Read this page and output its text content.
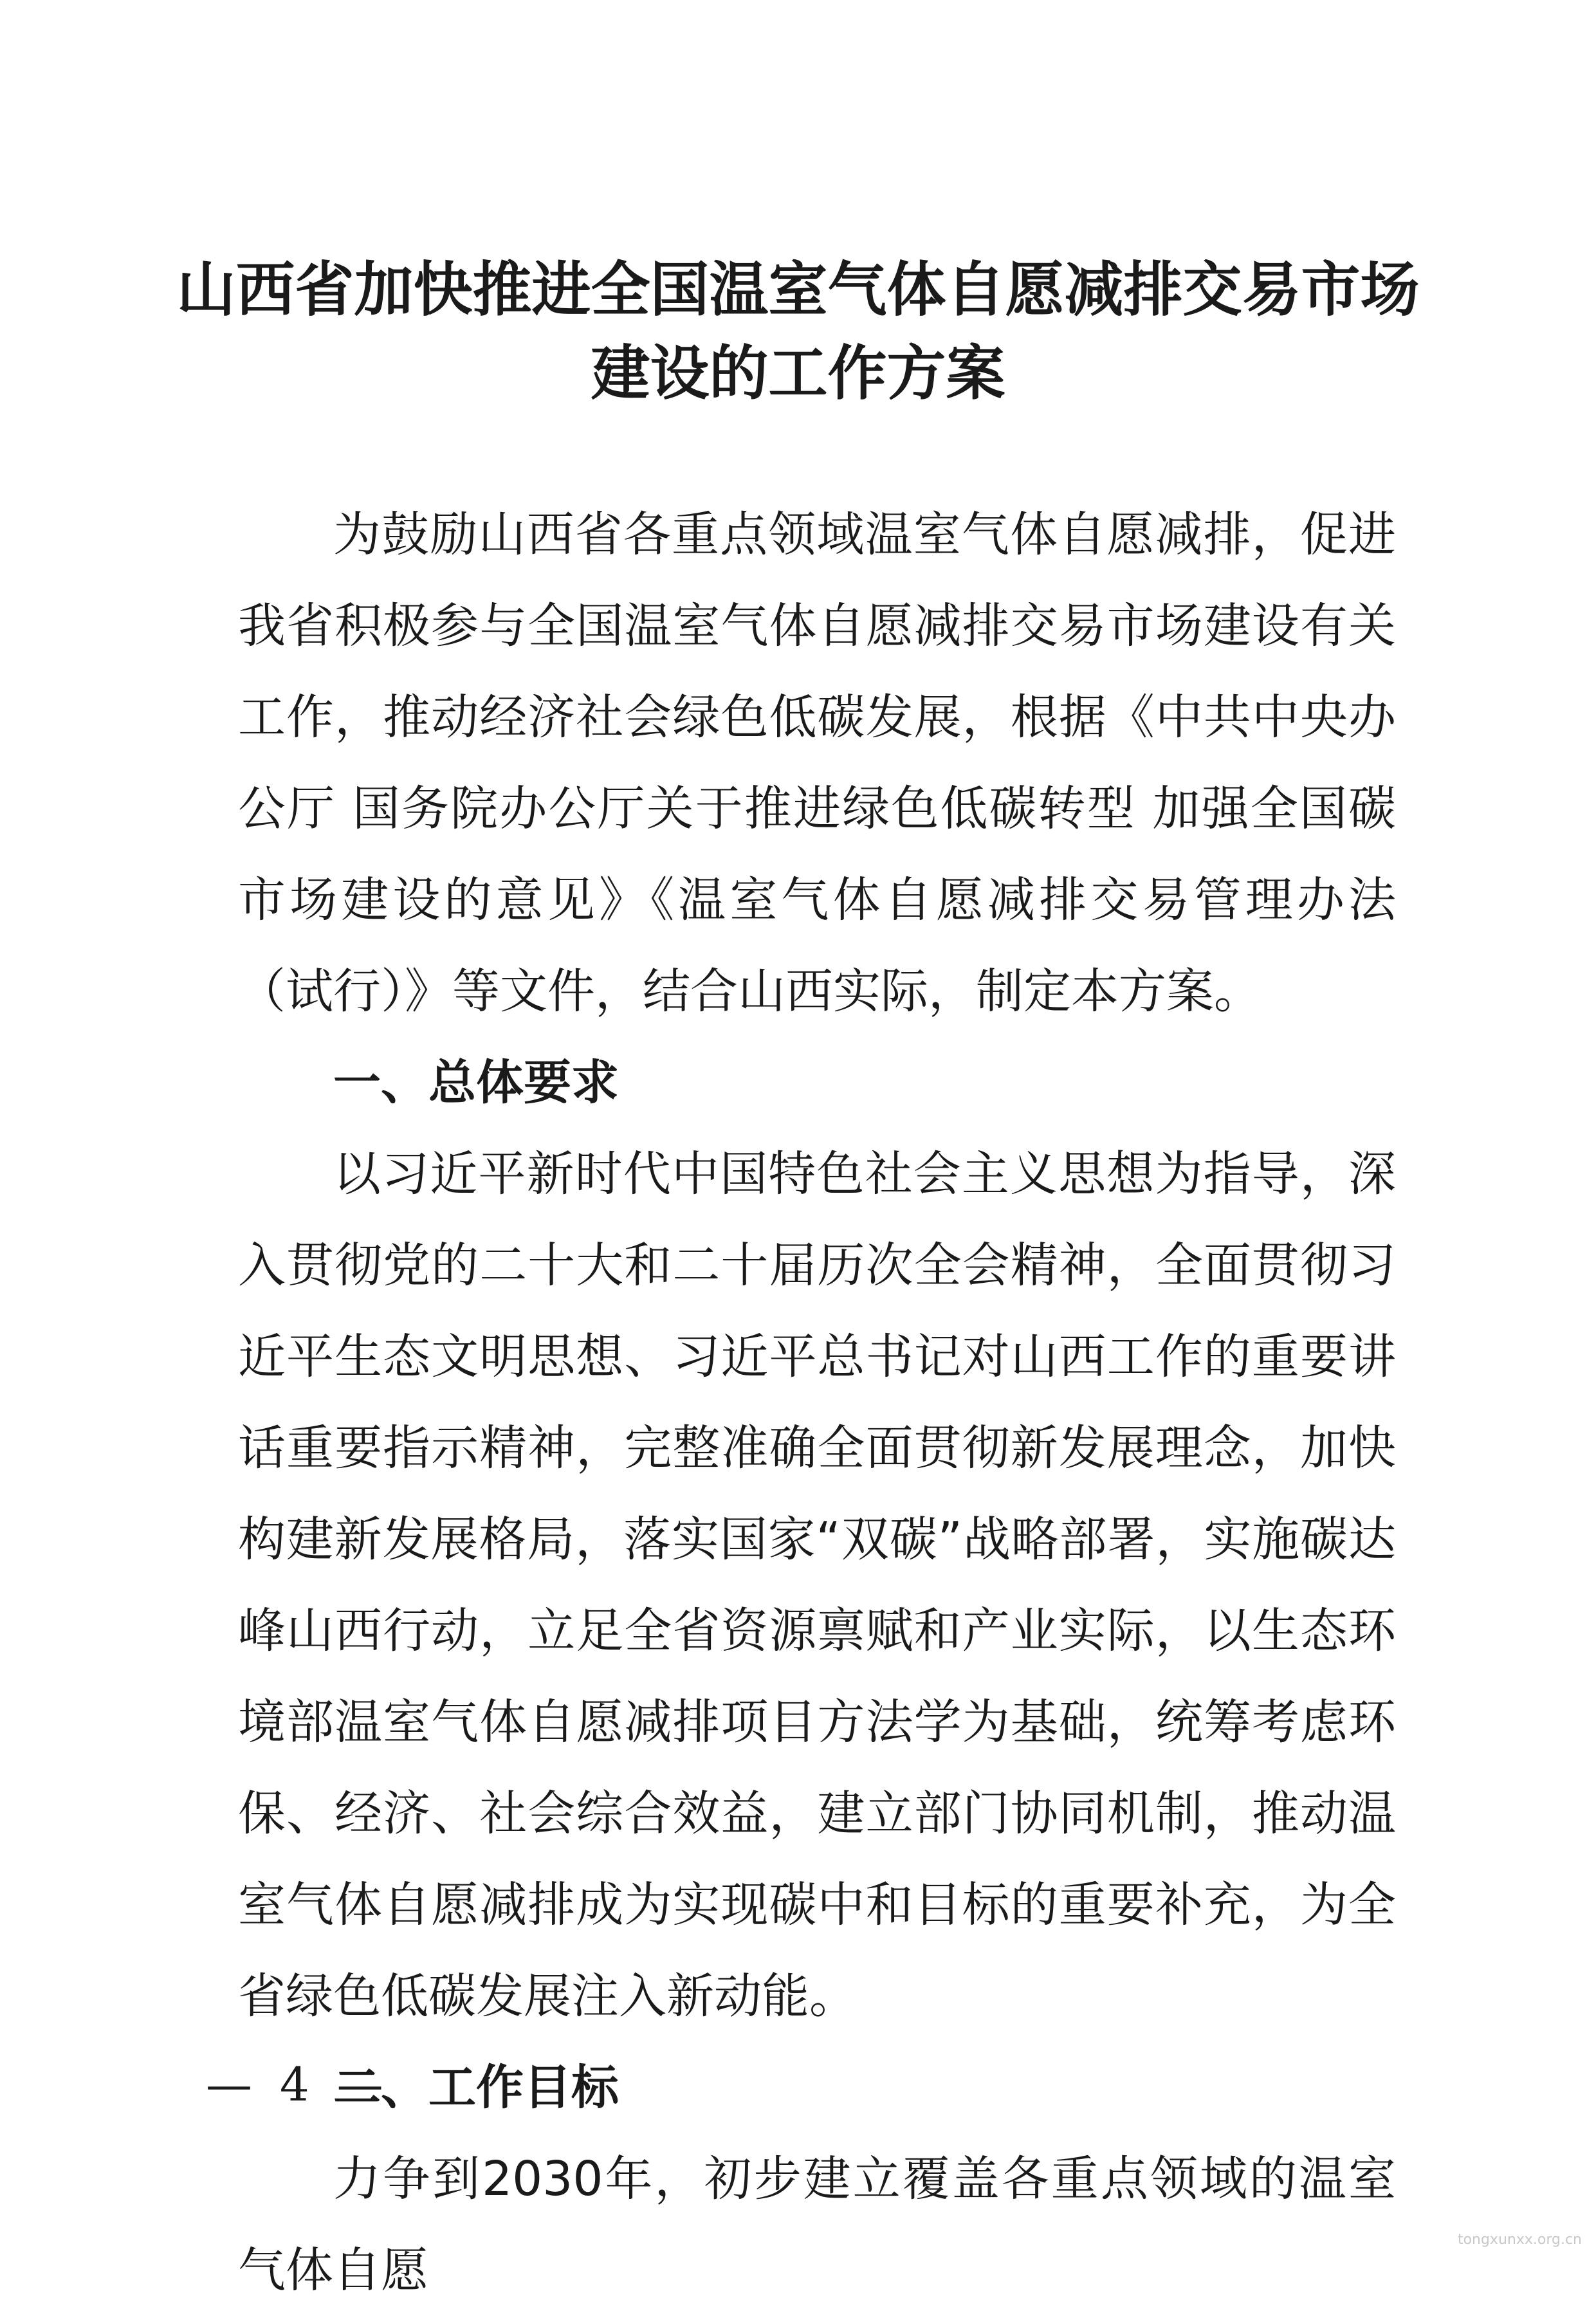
山西省加快推进全国温室气体自愿减排交易市场
建设的工作方案

为鼓励山西省各重点领域温室气体自愿减排，促进我省积极参与全国温室气体自愿减排交易市场建设有关工作，推动经济社会绿色低碳发展，根据《中共中央办公厅 国务院办公厅关于推进绿色低碳转型 加强全国碳市场建设的意见》《温室气体自愿减排交易管理办法（试行）》等文件，结合山西实际，制定本方案。

一、总体要求

以习近平新时代中国特色社会主义思想为指导，深入贯彻党的二十大和二十届历次全会精神，全面贯彻习近平生态文明思想、习近平总书记对山西工作的重要讲话重要指示精神，完整准确全面贯彻新发展理念，加快构建新发展格局，落实国家“双碳”战略部署，实施碳达峰山西行动，立足全省资源禀赋和产业实际，以生态环境部温室气体自愿减排项目方法学为基础，统筹考虑环保、经济、社会综合效益，建立部门协同机制，推动温室气体自愿减排成为实现碳中和目标的重要补充，为全省绿色低碳发展注入新动能。

二、工作目标

力争到2030年，初步建立覆盖各重点领域的温室气体自愿

— 4 —
tongxunxx.org.cn
